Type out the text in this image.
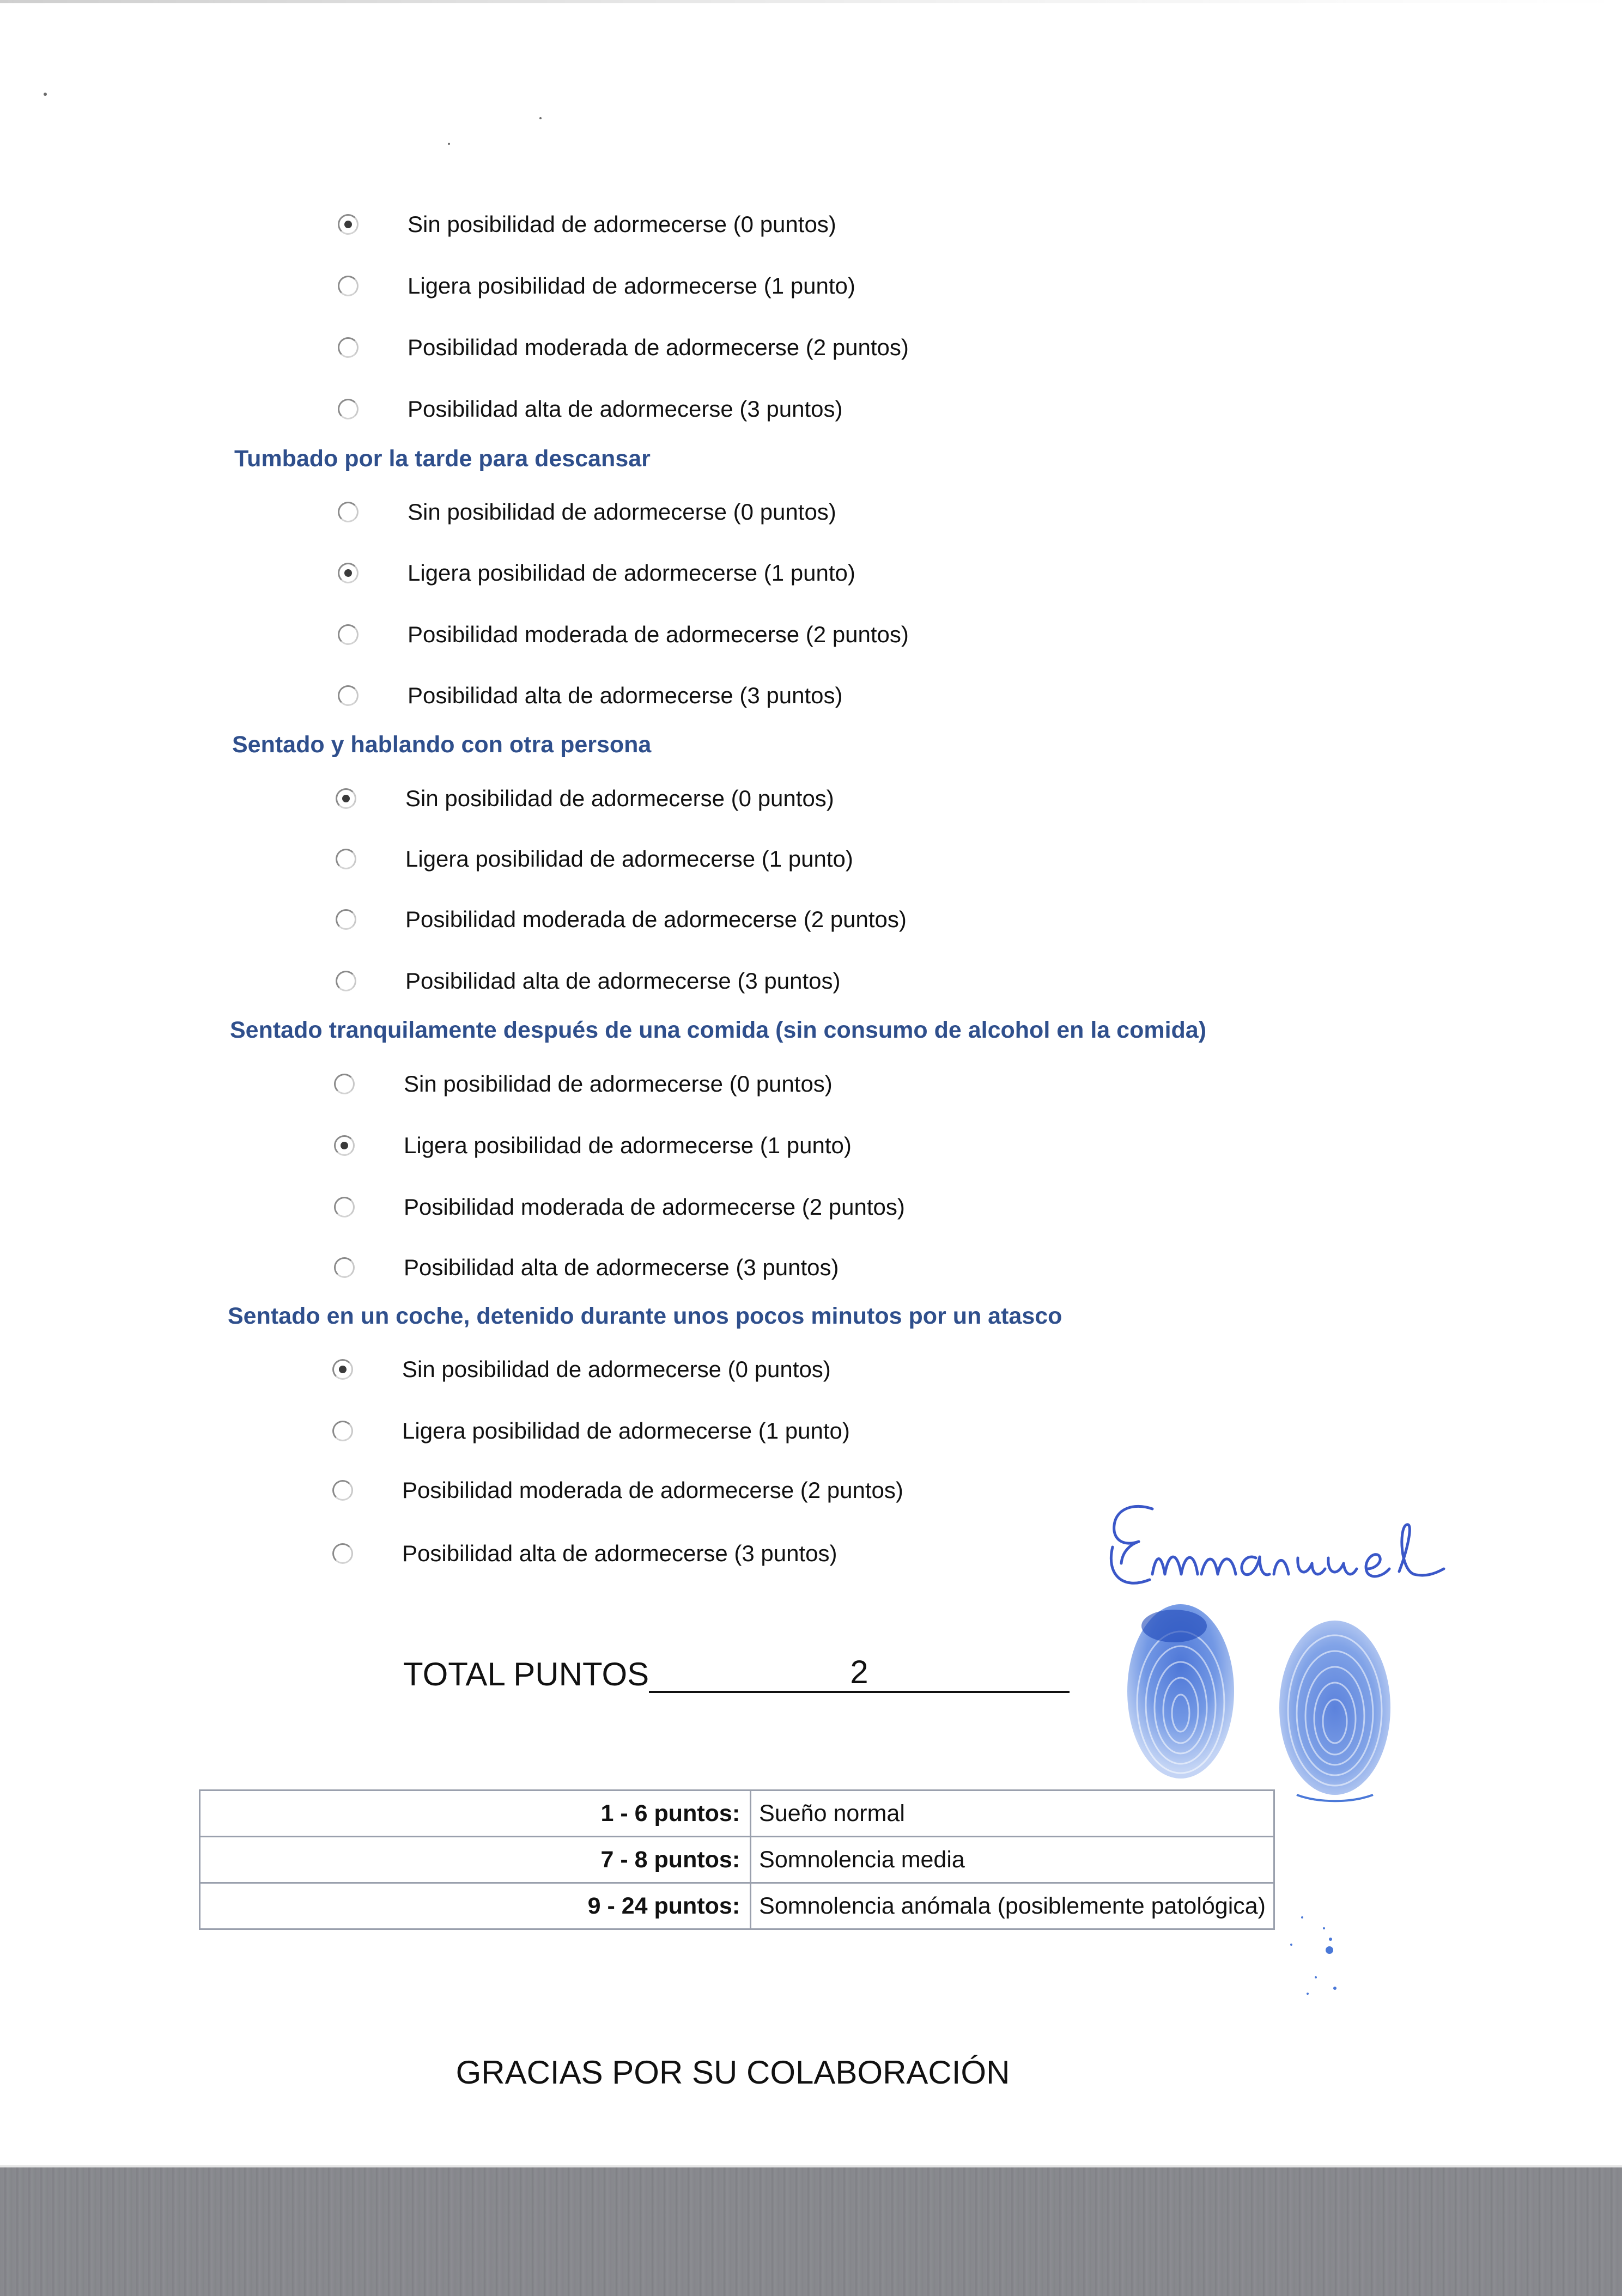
Sin posibilidad de adormecerse (0 puntos)
Ligera posibilidad de adormecerse (1 punto)
Posibilidad moderada de adormecerse (2 puntos)
Posibilidad alta de adormecerse (3 puntos)
Tumbado por la tarde para descansar
Sin posibilidad de adormecerse (0 puntos)
Ligera posibilidad de adormecerse (1 punto)
Posibilidad moderada de adormecerse (2 puntos)
Posibilidad alta de adormecerse (3 puntos)
Sentado y hablando con otra persona
Sin posibilidad de adormecerse (0 puntos)
Ligera posibilidad de adormecerse (1 punto)
Posibilidad moderada de adormecerse (2 puntos)
Posibilidad alta de adormecerse (3 puntos)
Sentado tranquilamente después de una comida (sin consumo de alcohol en la comida)
Sin posibilidad de adormecerse (0 puntos)
Ligera posibilidad de adormecerse (1 punto)
Posibilidad moderada de adormecerse (2 puntos)
Posibilidad alta de adormecerse (3 puntos)
Sentado en un coche, detenido durante unos pocos minutos por un atasco
Sin posibilidad de adormecerse (0 puntos)
Ligera posibilidad de adormecerse (1 punto)
Posibilidad moderada de adormecerse (2 puntos)
Posibilidad alta de adormecerse (3 puntos)
TOTAL PUNTOS	2
1 - 6 puntos:	Sueño normal
7 - 8 puntos:	Somnolencia media
9 - 24 puntos:	Somnolencia anómala (posiblemente patológica)

GRACIAS POR SU COLABORACIÓN
